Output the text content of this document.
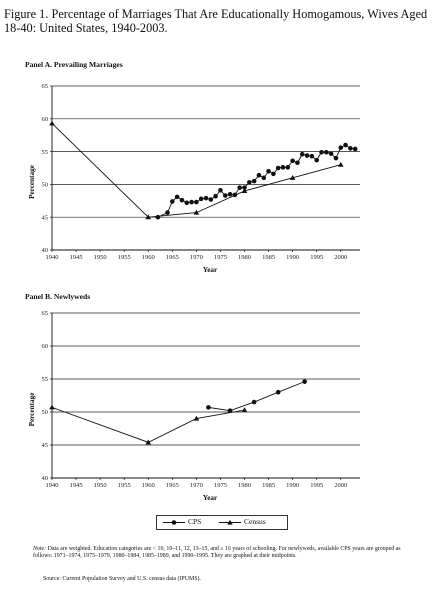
Figure 1. Percentage of Marriages That Are Educationally Homogamous, Wives Aged 18-40: United States, 1940-2003.
Panel A. Prevailing Marriages
Panel B. Newlyweds
40
45
50
55
60
65
1940 1945 1950 1955 1960 1965 1970 1975 1980 1985 1990 1995 2000
Year
Percentage
40
45
50
55
60
65
1940 1945 1950 1955 1960 1965 1970 1975 1980 1985 1990 1995 2000
Year
Percentage
CPS	Census
Note: Data are weighted. Education categories are < 10, 10–11, 12, 13–15, and ≥ 16 years of schooling. For newlyweds, available CPS years are grouped as follows: 1971–1974, 1975–1979, 1980–1984, 1985–1989, and 1990–1995. They are graphed at their midpoints.
Source: Current Population Survey and U.S. census data (IPUMS).
